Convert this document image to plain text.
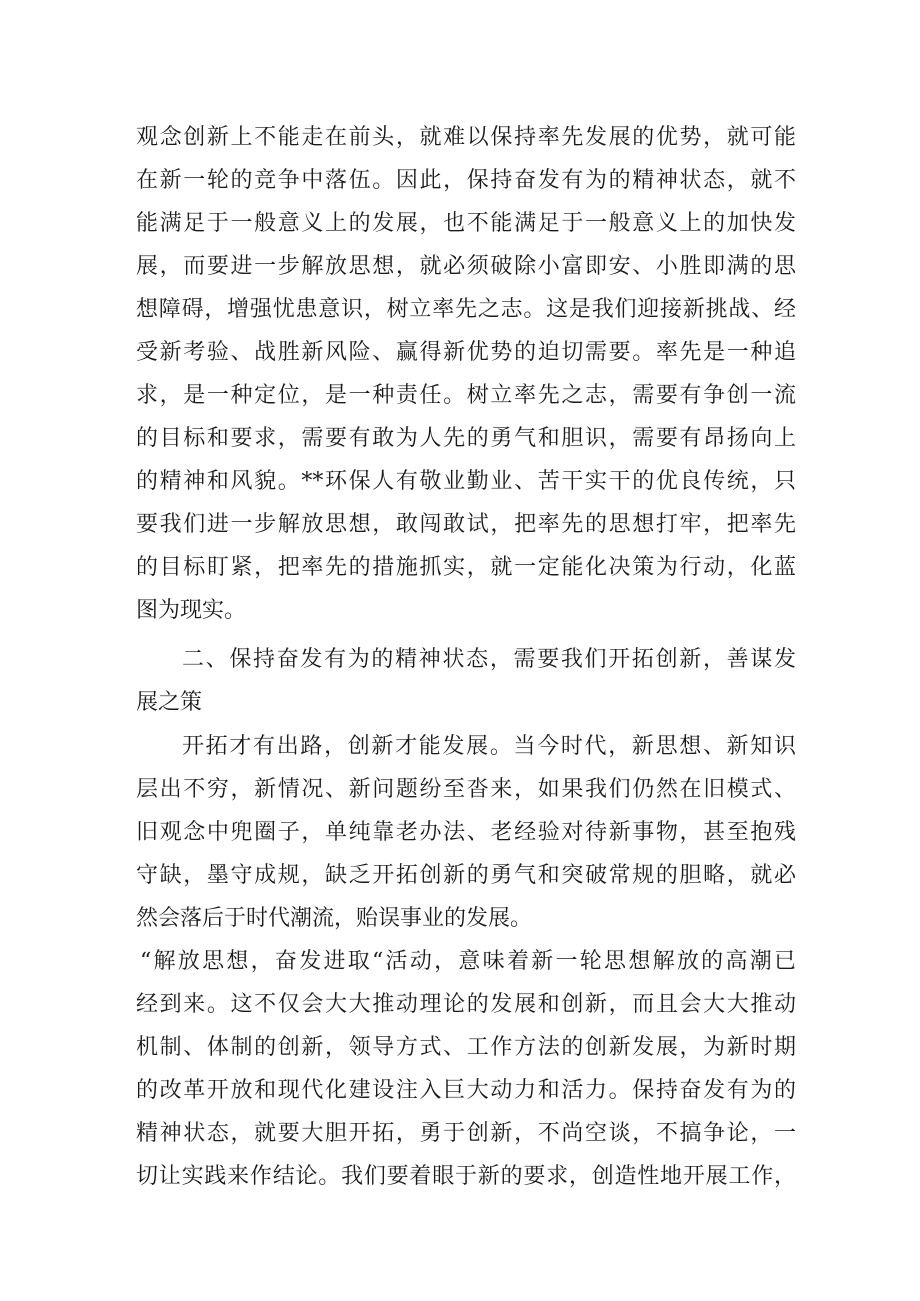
观念创新上不能走在前头，就难以保持率先发展的优势，就可能
在新一轮的竞争中落伍。因此，保持奋发有为的精神状态，就不
能满足于一般意义上的发展，也不能满足于一般意义上的加快发
展，而要进一步解放思想，就必须破除小富即安、小胜即满的思
想障碍，增强忧患意识，树立率先之志。这是我们迎接新挑战、经
受新考验、战胜新风险、赢得新优势的迫切需要。率先是一种追
求，是一种定位，是一种责任。树立率先之志，需要有争创一流
的目标和要求，需要有敢为人先的勇气和胆识，需要有昂扬向上
的精神和风貌。**环保人有敬业勤业、苦干实干的优良传统，只
要我们进一步解放思想，敢闯敢试，把率先的思想打牢，把率先
的目标盯紧，把率先的措施抓实，就一定能化决策为行动，化蓝
图为现实。
二、保持奋发有为的精神状态，需要我们开拓创新，善谋发
展之策
开拓才有出路，创新才能发展。当今时代，新思想、新知识
层出不穷，新情况、新问题纷至沓来，如果我们仍然在旧模式、
旧观念中兜圈子，单纯靠老办法、老经验对待新事物，甚至抱残
守缺，墨守成规，缺乏开拓创新的勇气和突破常规的胆略，就必
然会落后于时代潮流，贻误事业的发展。
“解放思想，奋发进取“活动，意味着新一轮思想解放的高潮已
经到来。这不仅会大大推动理论的发展和创新，而且会大大推动
机制、体制的创新，领导方式、工作方法的创新发展，为新时期
的改革开放和现代化建设注入巨大动力和活力。保持奋发有为的
精神状态，就要大胆开拓，勇于创新，不尚空谈，不搞争论，一
切让实践来作结论。我们要着眼于新的要求，创造性地开展工作，
